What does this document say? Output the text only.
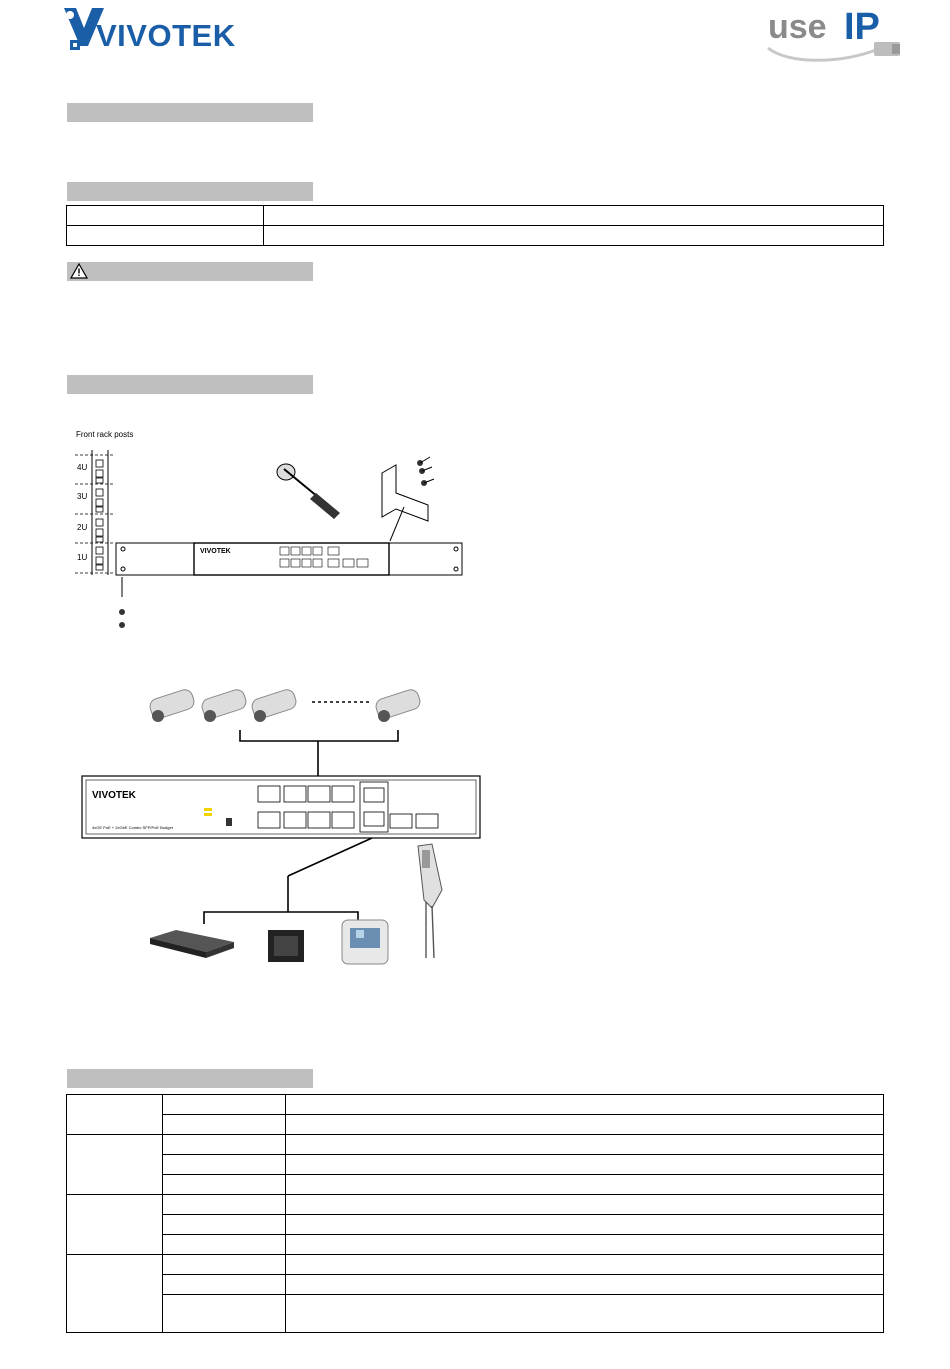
VIVOTEK	use IP

Front rack posts
4U
3U
2U
1U
VIVOTEK
VIVOTEK
4xGE PoE + 2xGbE Combo SFP/PoE Budget
